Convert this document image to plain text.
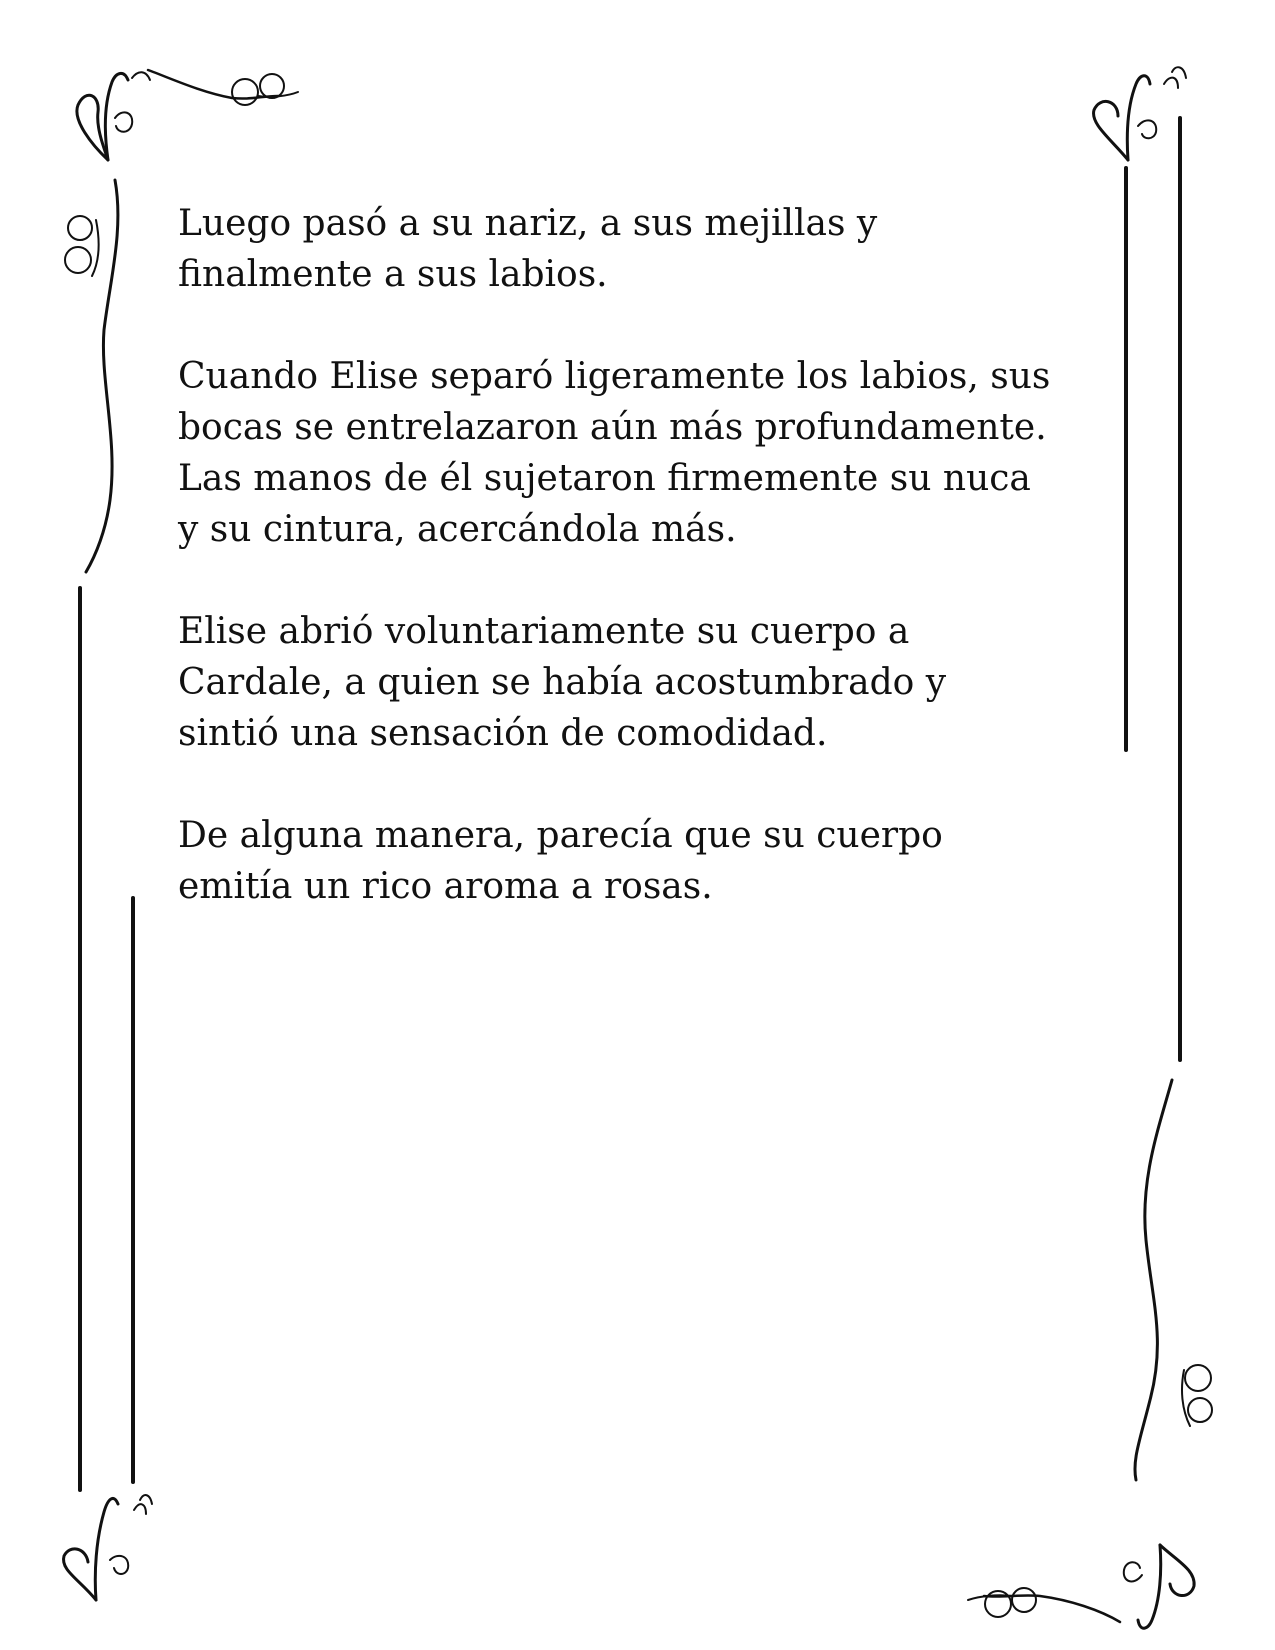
Luego pasó a su nariz, a sus mejillas y
finalmente a sus labios.

Cuando Elise separó ligeramente los labios, sus
bocas se entrelazaron aún más profundamente.
Las manos de él sujetaron firmemente su nuca
y su cintura, acercándola más.

Elise abrió voluntariamente su cuerpo a
Cardale, a quien se había acostumbrado y
sintió una sensación de comodidad.

De alguna manera, parecía que su cuerpo
emitía un rico aroma a rosas.
